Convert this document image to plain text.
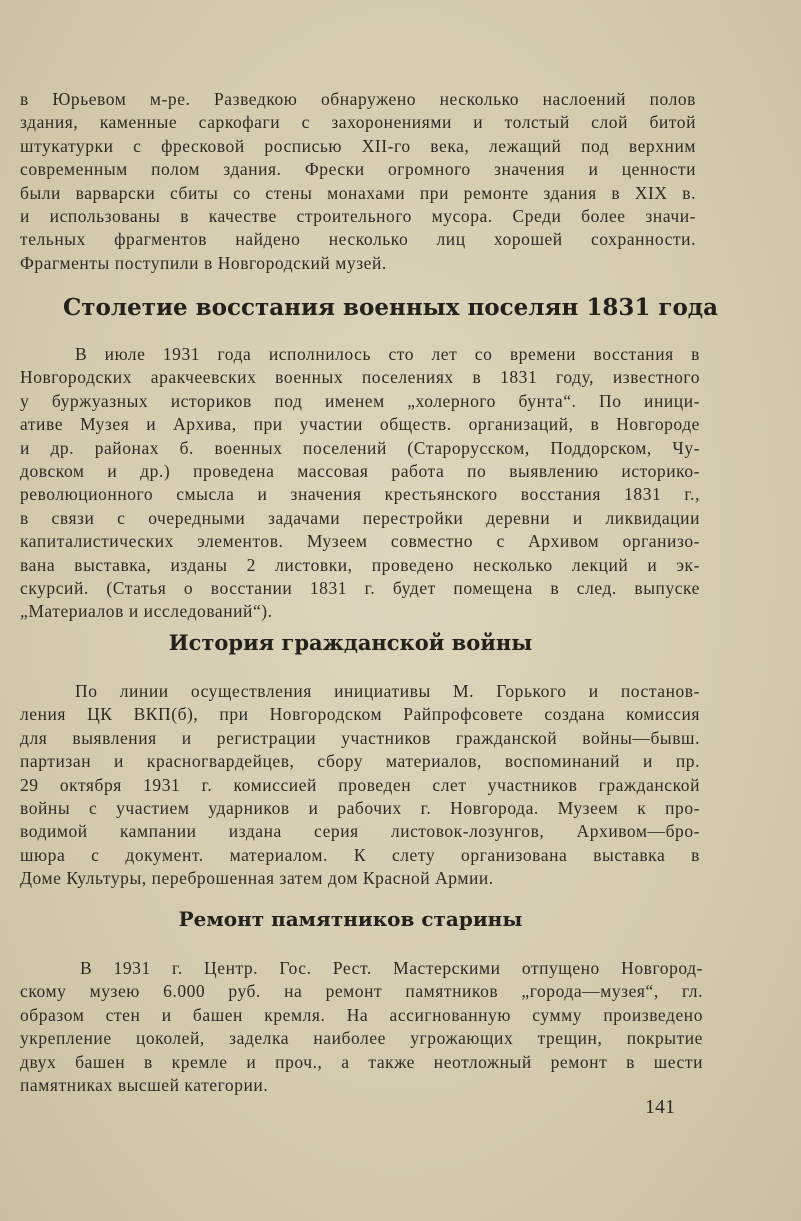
в Юрьевом м-ре. Разведкою обнаружено несколько наслоений полов
здания, каменные саркофаги с захоронениями и толстый слой битой
штукатурки с фресковой росписью XII-го века, лежащий под верхним
современным полом здания. Фрески огромного значения и ценности
были варварски сбиты со стены монахами при ремонте здания в XIX в.
и использованы в качестве строительного мусора. Среди более значи-
тельных фрагментов найдено несколько лиц хорошей сохранности.
Фрагменты поступили в Новгородский музей.

Столетие восстания военных поселян 1831 года

В июле 1931 года исполнилось сто лет со времени восстания в
Новгородских аракчеевских военных поселениях в 1831 году, известного
у буржуазных историков под именем „холерного бунта“. По иници-
ативе Музея и Архива, при участии обществ. организаций, в Новгороде
и др. районах б. военных поселений (Старорусском, Поддорском, Чу-
довском и др.) проведена массовая работа по выявлению историко-
революционного смысла и значения крестьянского восстания 1831 г.,
в связи с очередными задачами перестройки деревни и ликвидации
капиталистических элементов. Музеем совместно с Архивом организо-
вана выставка, изданы 2 листовки, проведено несколько лекций и эк-
скурсий. (Статья о восстании 1831 г. будет помещена в след. выпуске
„Материалов и исследований“).

История гражданской войны

По линии осуществления инициативы М. Горького и постанов-
ления ЦК ВКП(б), при Новгородском Райпрофсовете создана комиссия
для выявления и регистрации участников гражданской войны—бывш.
партизан и красногвардейцев, сбору материалов, воспоминаний и пр.
29 октября 1931 г. комиссией проведен слет участников гражданской
войны с участием ударников и рабочих г. Новгорода. Музеем к про-
водимой кампании издана серия листовок-лозунгов, Архивом—бро-
шюра с документ. материалом. К слету организована выставка в
Доме Культуры, переброшенная затем дом Красной Армии.

Ремонт памятников старины

В 1931 г. Центр. Гос. Рест. Мастерскими отпущено Новгород-
скому музею 6.000 руб. на ремонт памятников „города—музея“, гл.
образом стен и башен кремля. На ассигнованную сумму произведено
укрепление цоколей, заделка наиболее угрожающих трещин, покрытие
двух башен в кремле и проч., а также неотложный ремонт в шести
памятниках высшей категории.

141
